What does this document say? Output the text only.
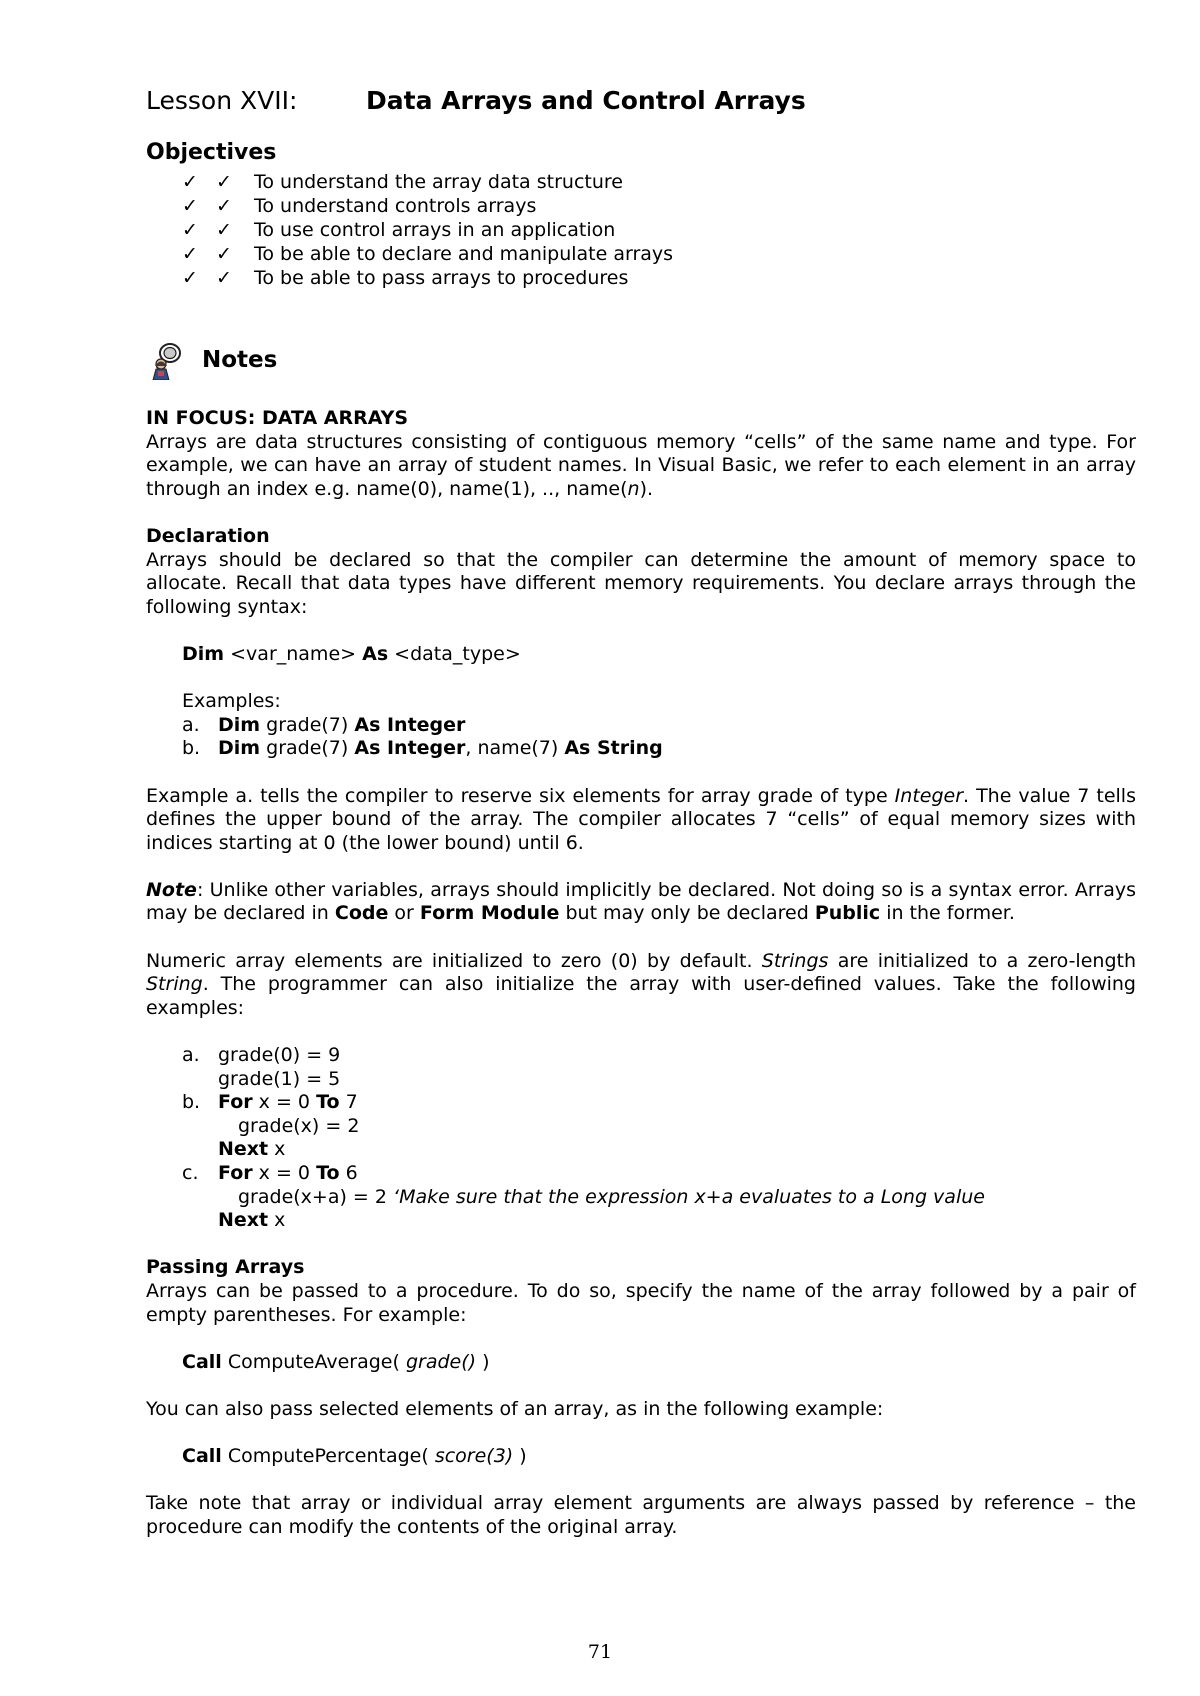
Lesson XVII:	Data Arrays and Control Arrays
Objectives
✓ ✓ To understand the array data structure
✓ ✓ To understand controls arrays
✓ ✓ To use control arrays in an application
✓ ✓ To be able to declare and manipulate arrays
✓ ✓ To be able to pass arrays to procedures
Notes

IN FOCUS: DATA ARRAYS

Arrays are data structures consisting of contiguous memory “cells” of the same name and type. For example, we can have an array of student names. In Visual Basic, we refer to each element in an array through an index e.g. name(0), name(1), .., name(n).

Declaration

Arrays should be declared so that the compiler can determine the amount of memory space to allocate. Recall that data types have different memory requirements. You declare arrays through the following syntax:

Dim <var_name> As <data_type>

Examples:

a. Dim grade(7) As Integer
b. Dim grade(7) As Integer, name(7) As String

Example a. tells the compiler to reserve six elements for array grade of type Integer. The value 7 tells defines the upper bound of the array. The compiler allocates 7 “cells” of equal memory sizes with indices starting at 0 (the lower bound) until 6.

Note: Unlike other variables, arrays should implicitly be declared. Not doing so is a syntax error. Arrays may be declared in Code or Form Module but may only be declared Public in the former.

Numeric array elements are initialized to zero (0) by default. Strings are initialized to a zero-length String. The programmer can also initialize the array with user-defined values. Take the following examples:

a. grade(0) = 9
grade(1) = 5
b. For x = 0 To 7
grade(x) = 2
Next x
c. For x = 0 To 6
grade(x+a) = 2 ‘Make sure that the expression x+a evaluates to a Long value
Next x

Passing Arrays

Arrays can be passed to a procedure. To do so, specify the name of the array followed by a pair of empty parentheses. For example:

Call ComputeAverage( grade() )

You can also pass selected elements of an array, as in the following example:

Call ComputePercentage( score(3) )

Take note that array or individual array element arguments are always passed by reference – the procedure can modify the contents of the original array.

71
